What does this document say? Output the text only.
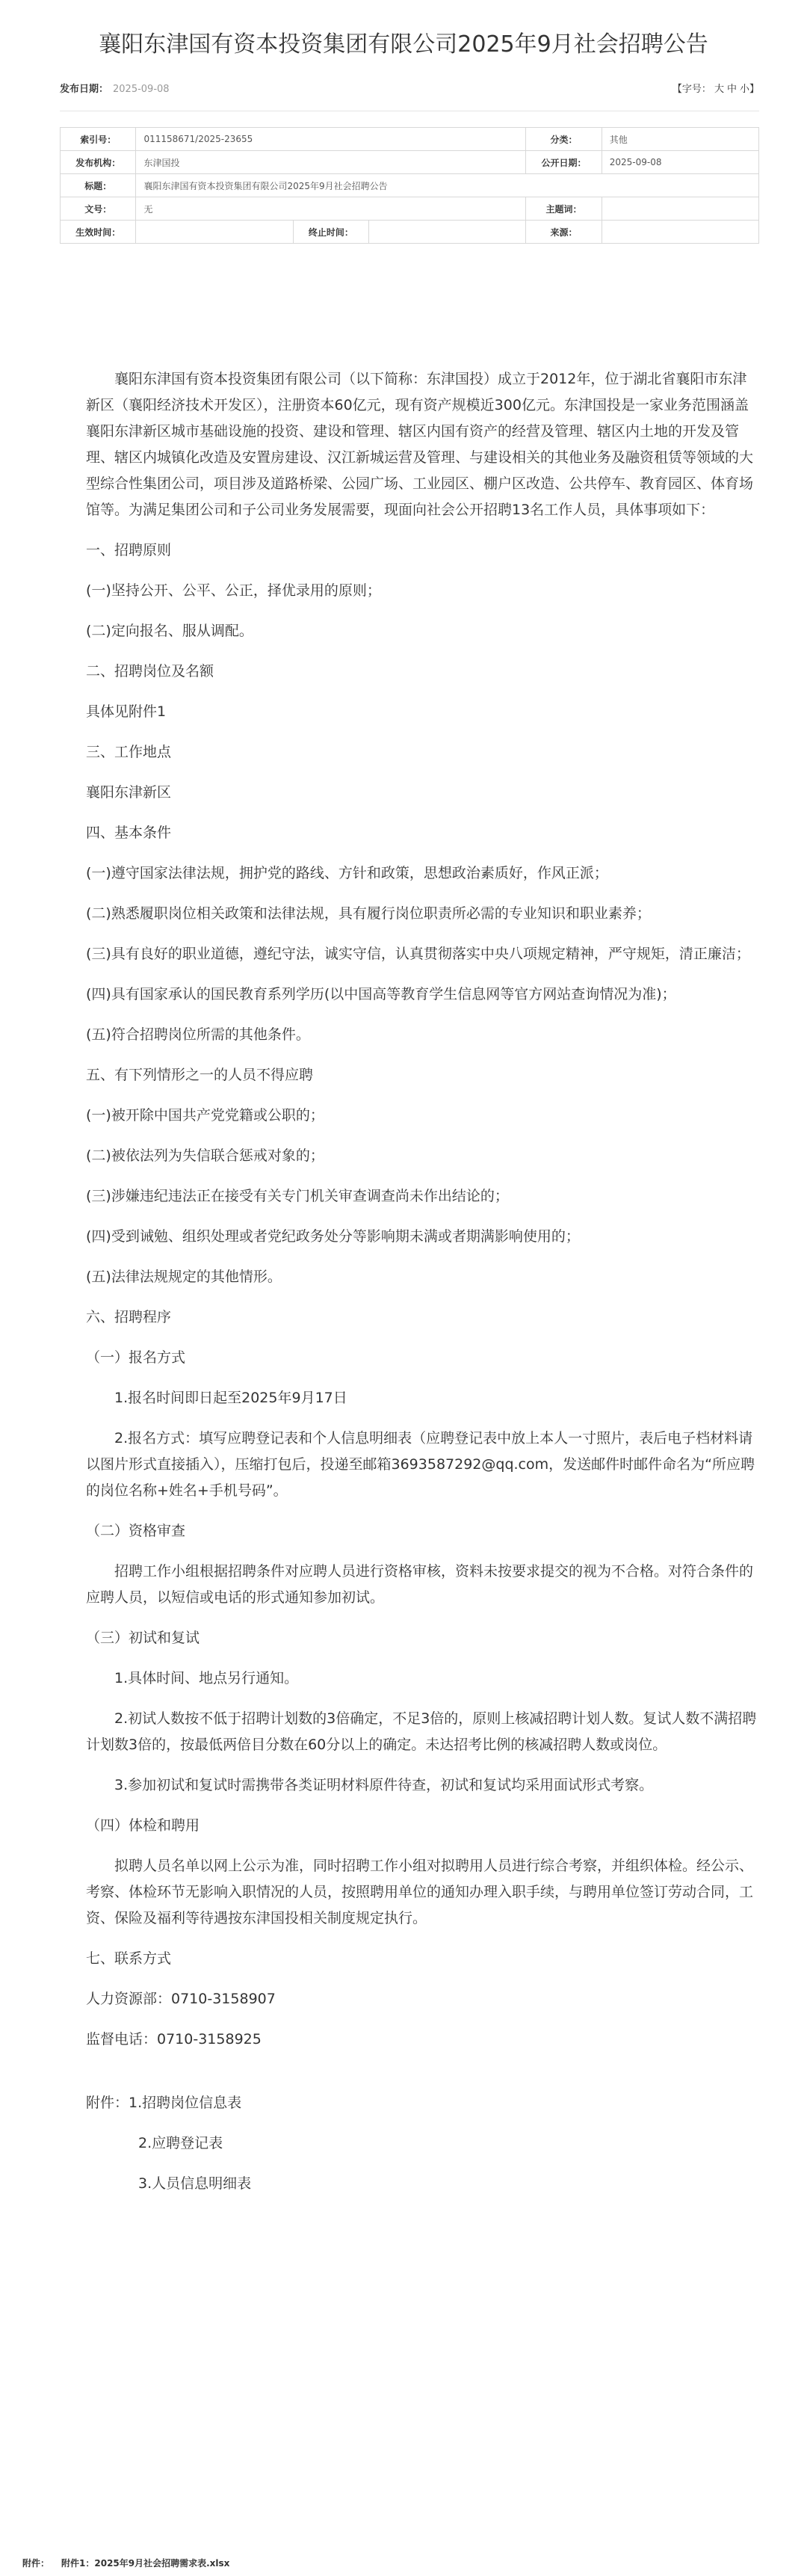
襄阳东津国有资本投资集团有限公司2025年9月社会招聘公告
发布日期： 2025-09-08	【字号： 大 中 小】
索引号：	011158671/2025-23655			分类：	其他
发布机构：	东津国投			公开日期：	2025-09-08
标题：	襄阳东津国有资本投资集团有限公司2025年9月社会招聘公告				
文号：	无			主题词：	
生效时间：		终止时间：		来源：	

襄阳东津国有资本投资集团有限公司（以下简称：东津国投）成立于2012年，位于湖北省襄阳市东津新区（襄阳经济技术开发区），注册资本60亿元，现有资产规模近300亿元。东津国投是一家业务范围涵盖襄阳东津新区城市基础设施的投资、建设和管理、辖区内国有资产的经营及管理、辖区内土地的开发及管理、辖区内城镇化改造及安置房建设、汉江新城运营及管理、与建设相关的其他业务及融资租赁等领域的大型综合性集团公司，项目涉及道路桥梁、公园广场、工业园区、棚户区改造、公共停车、教育园区、体育场馆等。为满足集团公司和子公司业务发展需要，现面向社会公开招聘13名工作人员，具体事项如下：

一、招聘原则

(一)坚持公开、公平、公正，择优录用的原则；

(二)定向报名、服从调配。

二、招聘岗位及名额

具体见附件1

三、工作地点

襄阳东津新区

四、基本条件

(一)遵守国家法律法规，拥护党的路线、方针和政策，思想政治素质好，作风正派；

(二)熟悉履职岗位相关政策和法律法规，具有履行岗位职责所必需的专业知识和职业素养；

(三)具有良好的职业道德，遵纪守法，诚实守信，认真贯彻落实中央八项规定精神，严守规矩，清正廉洁；

(四)具有国家承认的国民教育系列学历(以中国高等教育学生信息网等官方网站查询情况为准)；

(五)符合招聘岗位所需的其他条件。

五、有下列情形之一的人员不得应聘

(一)被开除中国共产党党籍或公职的；

(二)被依法列为失信联合惩戒对象的；

(三)涉嫌违纪违法正在接受有关专门机关审查调查尚未作出结论的；

(四)受到诫勉、组织处理或者党纪政务处分等影响期未满或者期满影响使用的；

(五)法律法规规定的其他情形。

六、招聘程序

（一）报名方式

1.报名时间即日起至2025年9月17日

2.报名方式：填写应聘登记表和个人信息明细表（应聘登记表中放上本人一寸照片，表后电子档材料请以图片形式直接插入），压缩打包后，投递至邮箱3693587292@qq.com，发送邮件时邮件命名为“所应聘的岗位名称+姓名+手机号码”。

（二）资格审查

招聘工作小组根据招聘条件对应聘人员进行资格审核，资料未按要求提交的视为不合格。对符合条件的应聘人员，以短信或电话的形式通知参加初试。

（三）初试和复试

1.具体时间、地点另行通知。

2.初试人数按不低于招聘计划数的3倍确定，不足3倍的，原则上核减招聘计划人数。复试人数不满招聘计划数3倍的，按最低两倍目分数在60分以上的确定。未达招考比例的核减招聘人数或岗位。

3.参加初试和复试时需携带各类证明材料原件待查，初试和复试均采用面试形式考察。

（四）体检和聘用

拟聘人员名单以网上公示为准，同时招聘工作小组对拟聘用人员进行综合考察，并组织体检。经公示、考察、体检环节无影响入职情况的人员，按照聘用单位的通知办理入职手续，与聘用单位签订劳动合同，工资、保险及福利等待遇按东津国投相关制度规定执行。

七、联系方式

人力资源部：0710-3158907

监督电话：0710-3158925

附件：1.招聘岗位信息表

2.应聘登记表

3.人员信息明细表

附件： 附件1：2025年9月社会招聘需求表.xlsx
